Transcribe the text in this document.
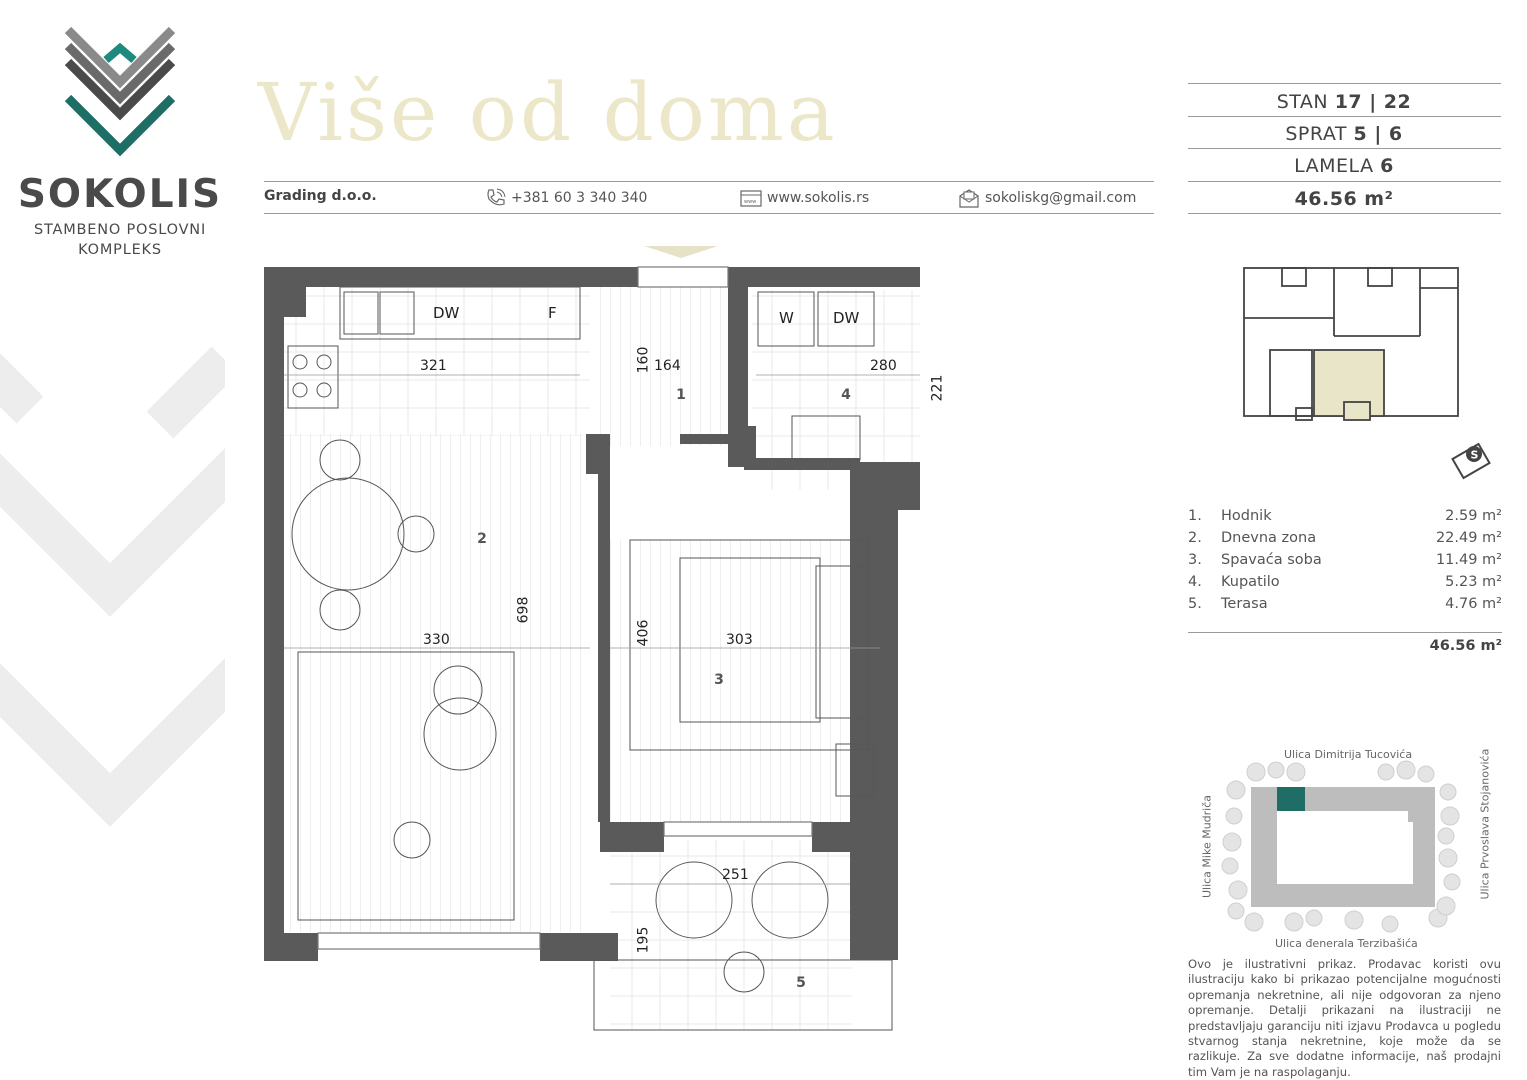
SOKOLIS
STAMBENO POSLOVNI
KOMPLEKS
Više od doma
Grading d.o.o.	+381 60 3 340 340	www www.sokolis.rs	sokoliskg@gmail.com
STAN 17 | 22
SPRAT 5 | 6
LAMELA 6
46.56 m²
S
1. Hodnik	2.59 m²
2. Dnevna zona	22.49 m²
3. Spavaća soba	11.49 m²
4. Kupatilo	5.23 m²
5. Terasa	4.76 m²
46.56 m²
Ulica Dimitrija Tucovića
Ulica đenerala Terzibašića
Ulica Mike Mudriča	Ulica Prvoslava Stojanovića
Ovo je ilustrativni prikaz. Prodavac koristi ovu ilustraciju kako bi prikazao potencijalne mogućnosti opremanja nekretnine, ali nije odgovoran za njeno opremanje. Detalji prikazani na ilustraciji ne predstavljaju garanciju niti izjavu Prodavca u pogledu stvarnog stanja nekretnine, koje može da se razlikuje. Za sve dodatne informacije, naš prodajni tim Vam je na raspolaganju.
321	160 164	280
221
330
698
406	303
251
195
1
2
3
4
5
DW	F	W	DW
